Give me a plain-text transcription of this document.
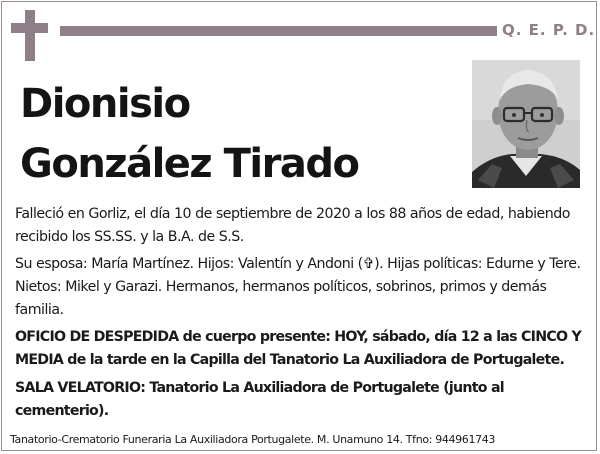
Q. E. P. D.
Dionisio
González Tirado
Falleció en Gorliz, el día 10 de septiembre de 2020 a los 88 años de edad, habiendo recibido los SS.SS. y la B.A. de S.S.
Su esposa: María Martínez. Hijos: Valentín y Andoni (✞). Hijas políticas: Edurne y Tere. Nietos: Mikel y Garazi. Hermanos, hermanos políticos, sobrinos, primos y demás familia.
OFICIO DE DESPEDIDA de cuerpo presente: HOY, sábado, día 12 a las CINCO Y MEDIA de la tarde en la Capilla del Tanatorio La Auxiliadora de Portugalete.
SALA VELATORIO: Tanatorio La Auxiliadora de Portugalete (junto al cementerio).
Tanatorio-Crematorio Funeraria La Auxiliadora Portugalete. M. Unamuno 14. Tfno: 944961743
